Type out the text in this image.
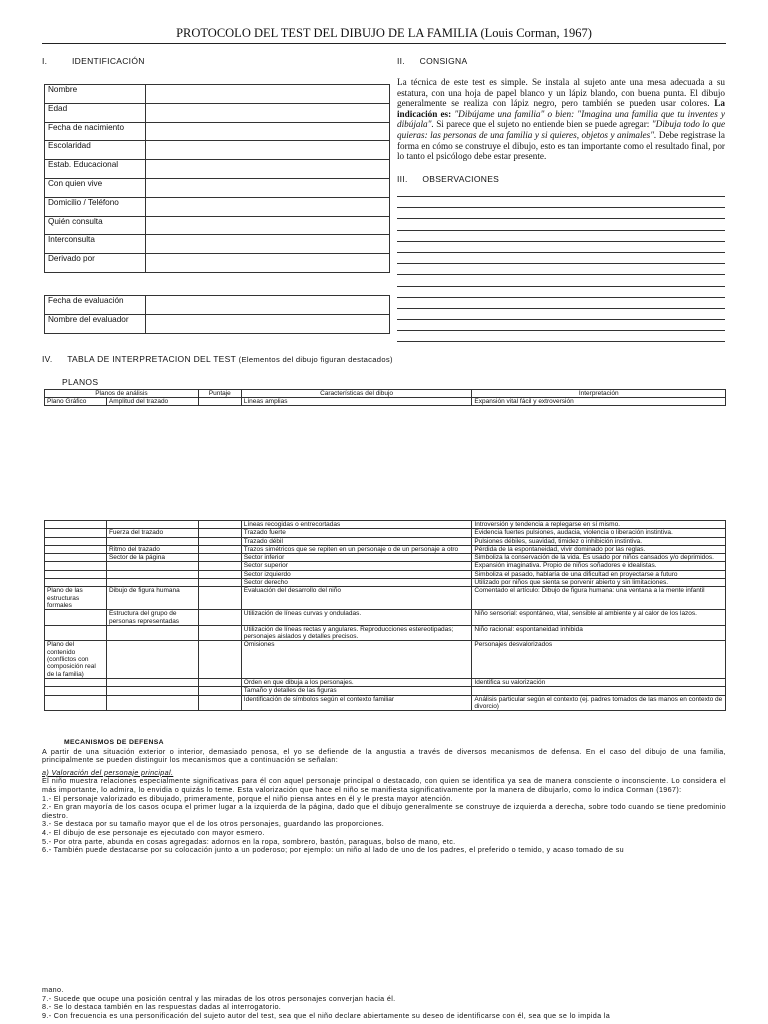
PROTOCOLO DEL TEST DEL DIBUJO DE LA FAMILIA (Louis Corman, 1967)
I.	IDENTIFICACIÓN
Nombre	
Edad	
Fecha de nacimiento	
Escolaridad	
Estab. Educacional	
Con quien vive	
Domicilio / Teléfono	
Quién consulta	
Interconsulta	
Derivado por	
Fecha de evaluación	
Nombre del evaluador	
II. CONSIGNA
La técnica de este test es simple. Se instala al sujeto ante una mesa adecuada a su estatura, con una hoja de papel blanco y un lápiz blando, con buena punta. El dibujo generalmente se realiza con lápiz negro, pero también se pueden usar colores. La indicación es: "Dibújame una familia" o bien: "Imagina una familia que tu inventes y dibújala". Si parece que el sujeto no entiende bien se puede agregar: "Dibuja todo lo que quieras: las personas de una familia y si quieres, objetos y animales". Debe registrase la forma en cómo se construye el dibujo, esto es tan importante como el resultado final, por lo tanto el psicólogo debe estar presente.
III. OBSERVACIONES
IV. TABLA DE INTERPRETACION DEL TEST (Elementos del dibujo figuran destacados)
PLANOS
Planos de análisis		Puntaje	Características del dibujo	Interpretación
Plano Gráfico	Amplitud del trazado		Líneas amplias	Expansión vital fácil y extroversión
			Líneas recogidas o entrecortadas	Introversión y tendencia a replegarse en sí mismo.
	Fuerza del trazado		Trazado fuerte	Evidencia fuertes pulsiones, audacia, violencia o liberación instintiva.
			Trazado débil	Pulsiones débiles, suavidad, timidez o inhibición instintiva.
	Ritmo del trazado		Trazos simétricos que se repiten en un personaje o de un personaje a otro	Pérdida de la espontaneidad, vivir dominado por las reglas.
	Sector de la página		Sector inferior	Simboliza la conservación de la vida. Es usado por niños cansados y/o deprimidos.
			Sector superior	Expansión imaginativa. Propio de niños soñadores e idealistas.
			Sector izquierdo	Simboliza el pasado, hablaría de una dificultad en proyectarse a futuro
			Sector derecho	Utilizado por niños que sienta se porvenir abierto y sin limitaciones.
Plano de las estructuras formales	Dibujo de figura humana		Evaluación del desarrollo del niño	Comentado el artículo: Dibujo de figura humana: una ventana a la mente infantil
	Estructura del grupo de personas representadas		Utilización de líneas curvas y onduladas.	Niño sensorial: espontáneo, vital, sensible al ambiente y al calor de los lazos.
			Utilización de líneas rectas y angulares. Reproducciones estereotipadas; personajes aislados y detalles precisos.	Niño racional: espontaneidad inhibida
Plano del contenido (conflictos con composición real de la familia)			Omisiones	Personajes desvalorizados
			Orden en que dibuja a los personajes.	Identifica su valorización
			Tamaño y detalles de las figuras	
			Identificación de símbolos según el contexto familiar	Análisis particular según el contexto (ej. padres tomados de las manos en contexto de divorcio)

MECANISMOS DE DEFENSA

A partir de una situación exterior o interior, demasiado penosa, el yo se defiende de la angustia a través de diversos mecanismos de defensa. En el caso del dibujo de una familia, principalmente se pueden distinguir los mecanismos que a continuación se señalan:

a) Valoración del personaje principal.

El niño muestra relaciones especialmente significativas para él con aquel personaje principal o destacado, con quien se identifica ya sea de manera consciente o inconsciente. Lo considera el más importante, lo admira, lo envidia o quizás lo teme. Esta valorización que hace el niño se manifiesta significativamente por la manera de dibujarlo, como lo indica Corman (1967):

1.- El personaje valorizado es dibujado, primeramente, porque el niño piensa antes en él y le presta mayor atención.

2.- En gran mayoría de los casos ocupa el primer lugar a la izquierda de la página, dado que el dibujo generalmente se construye de izquierda a derecha, sobre todo cuando se tiene predominio diestro.

3.- Se destaca por su tamaño mayor que el de los otros personajes, guardando las proporciones.

4.- El dibujo de ese personaje es ejecutado con mayor esmero.

5.- Por otra parte, abunda en cosas agregadas: adornos en la ropa, sombrero, bastón, paraguas, bolso de mano, etc.

6.- También puede destacarse por su colocación junto a un poderoso; por ejemplo: un niño al lado de uno de los padres, el preferido o temido, y acaso tomado de su

mano.

7.- Sucede que ocupe una posición central y las miradas de los otros personajes converjan hacia él.

8.- Se lo destaca también en las respuestas dadas al interrogatorio.

9.- Con frecuencia es una personificación del sujeto autor del test, sea que el niño declare abiertamente su deseo de identificarse con él, sea que se lo impida la
